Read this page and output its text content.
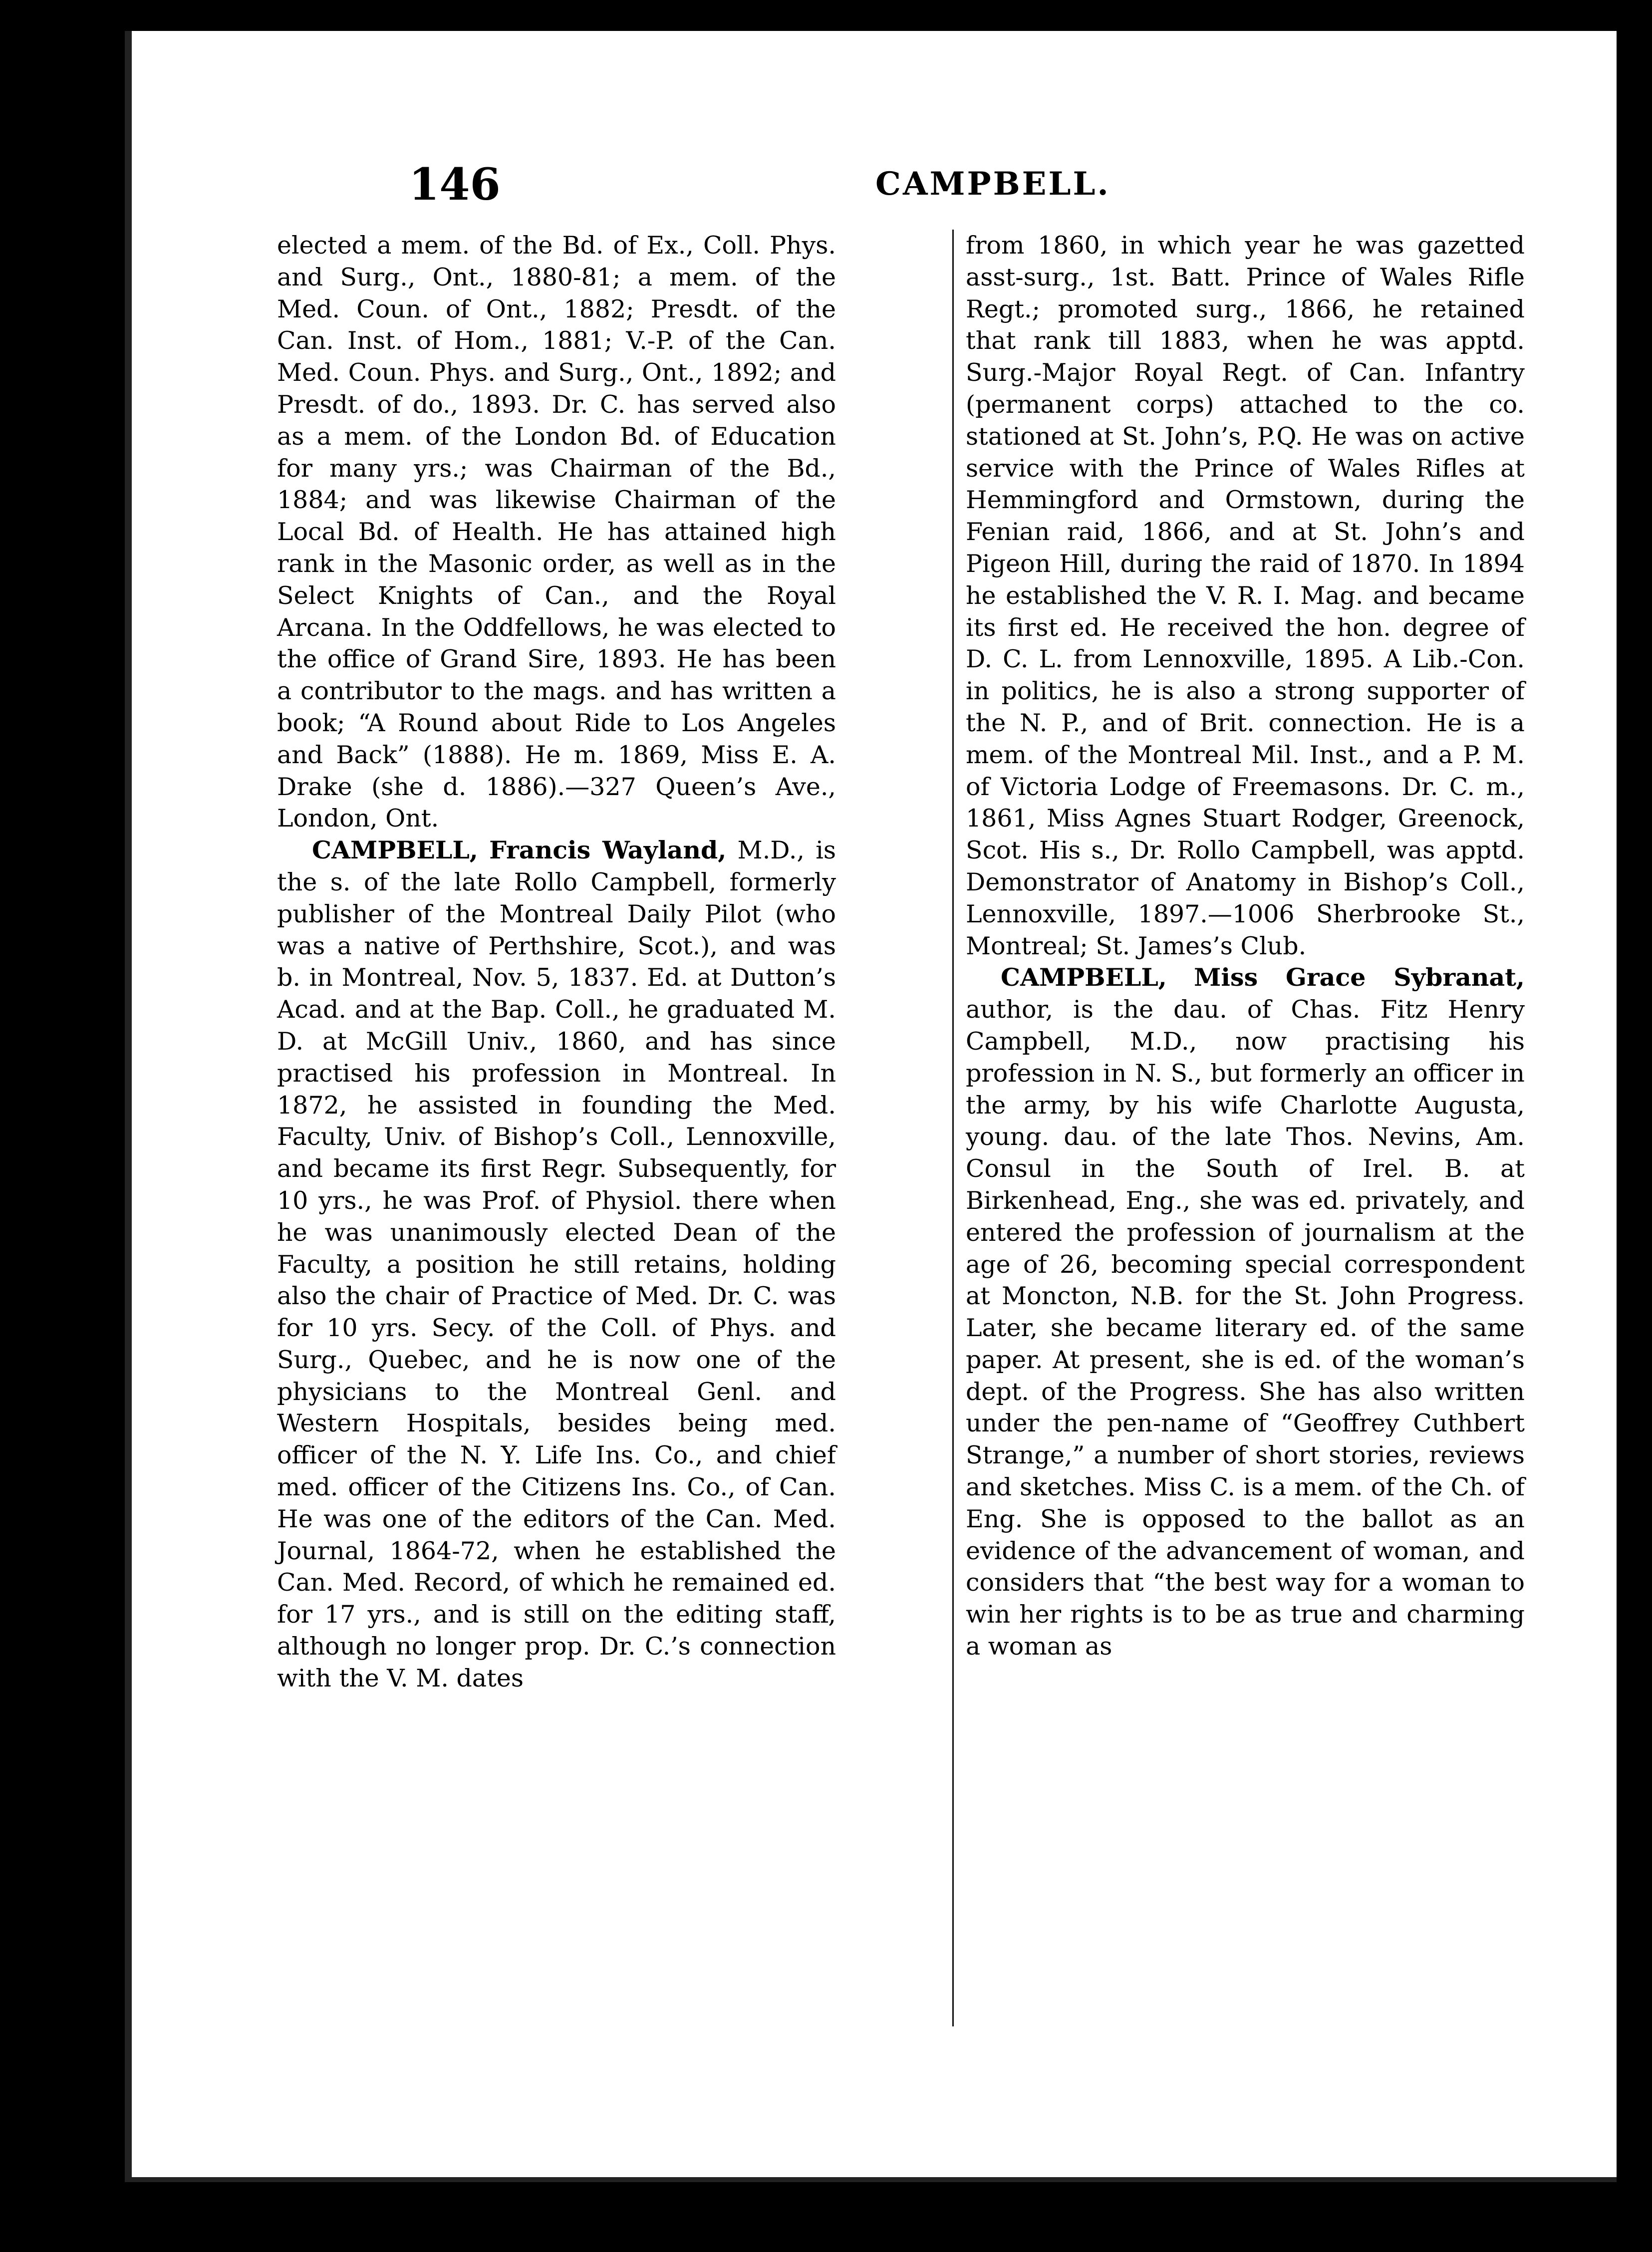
146	CAMPBELL.

elected a mem. of the Bd. of Ex., Coll. Phys. and Surg., Ont., 1880-81; a mem. of the Med. Coun. of Ont., 1882; Presdt. of the Can. Inst. of Hom., 1881; V.-P. of the Can. Med. Coun. Phys. and Surg., Ont., 1892; and Presdt. of do., 1893. Dr. C. has served also as a mem. of the London Bd. of Education for many yrs.; was Chairman of the Bd., 1884; and was likewise Chairman of the Local Bd. of Health. He has attained high rank in the Masonic order, as well as in the Select Knights of Can., and the Royal Arcana. In the Oddfellows, he was elected to the office of Grand Sire, 1893. He has been a contributor to the mags. and has written a book; “A Round about Ride to Los Angeles and Back” (1888). He m. 1869, Miss E. A. Drake (she d. 1886).—327 Queen’s Ave., London, Ont.

CAMPBELL, Francis Wayland, M.D., is the s. of the late Rollo Campbell, formerly publisher of the Montreal Daily Pilot (who was a native of Perthshire, Scot.), and was b. in Montreal, Nov. 5, 1837. Ed. at Dutton’s Acad. and at the Bap. Coll., he graduated M. D. at McGill Univ., 1860, and has since practised his profession in Montreal. In 1872, he assisted in founding the Med. Faculty, Univ. of Bishop’s Coll., Lennoxville, and became its first Regr. Subsequently, for 10 yrs., he was Prof. of Physiol. there when he was unanimously elected Dean of the Faculty, a position he still retains, holding also the chair of Practice of Med. Dr. C. was for 10 yrs. Secy. of the Coll. of Phys. and Surg., Quebec, and he is now one of the physicians to the Montreal Genl. and Western Hospitals, besides being med. officer of the N. Y. Life Ins. Co., and chief med. officer of the Citizens Ins. Co., of Can. He was one of the editors of the Can. Med. Journal, 1864-72, when he established the Can. Med. Record, of which he remained ed. for 17 yrs., and is still on the editing staff, although no longer prop. Dr. C.’s connection with the V. M. dates

from 1860, in which year he was gazetted asst-surg., 1st. Batt. Prince of Wales Rifle Regt.; promoted surg., 1866, he retained that rank till 1883, when he was apptd. Surg.-Major Royal Regt. of Can. Infantry (permanent corps) attached to the co. stationed at St. John’s, P.Q. He was on active service with the Prince of Wales Rifles at Hemmingford and Ormstown, during the Fenian raid, 1866, and at St. John’s and Pigeon Hill, during the raid of 1870. In 1894 he established the V. R. I. Mag. and became its first ed. He received the hon. degree of D. C. L. from Lennoxville, 1895. A Lib.-Con. in politics, he is also a strong supporter of the N. P., and of Brit. connection. He is a mem. of the Montreal Mil. Inst., and a P. M. of Victoria Lodge of Freemasons. Dr. C. m., 1861, Miss Agnes Stuart Rodger, Greenock, Scot. His s., Dr. Rollo Campbell, was apptd. Demonstrator of Anatomy in Bishop’s Coll., Lennoxville, 1897.—1006 Sherbrooke St., Montreal; St. James’s Club.

CAMPBELL, Miss Grace Sybranat, author, is the dau. of Chas. Fitz Henry Campbell, M.D., now practising his profession in N. S., but formerly an officer in the army, by his wife Charlotte Augusta, young. dau. of the late Thos. Nevins, Am. Consul in the South of Irel. B. at Birkenhead, Eng., she was ed. privately, and entered the profession of journalism at the age of 26, becoming special correspondent at Moncton, N.B. for the St. John Progress. Later, she became literary ed. of the same paper. At present, she is ed. of the woman’s dept. of the Progress. She has also written under the pen-name of “Geoffrey Cuthbert Strange,” a number of short stories, reviews and sketches. Miss C. is a mem. of the Ch. of Eng. She is opposed to the ballot as an evidence of the advancement of woman, and considers that “the best way for a woman to win her rights is to be as true and charming a woman as
